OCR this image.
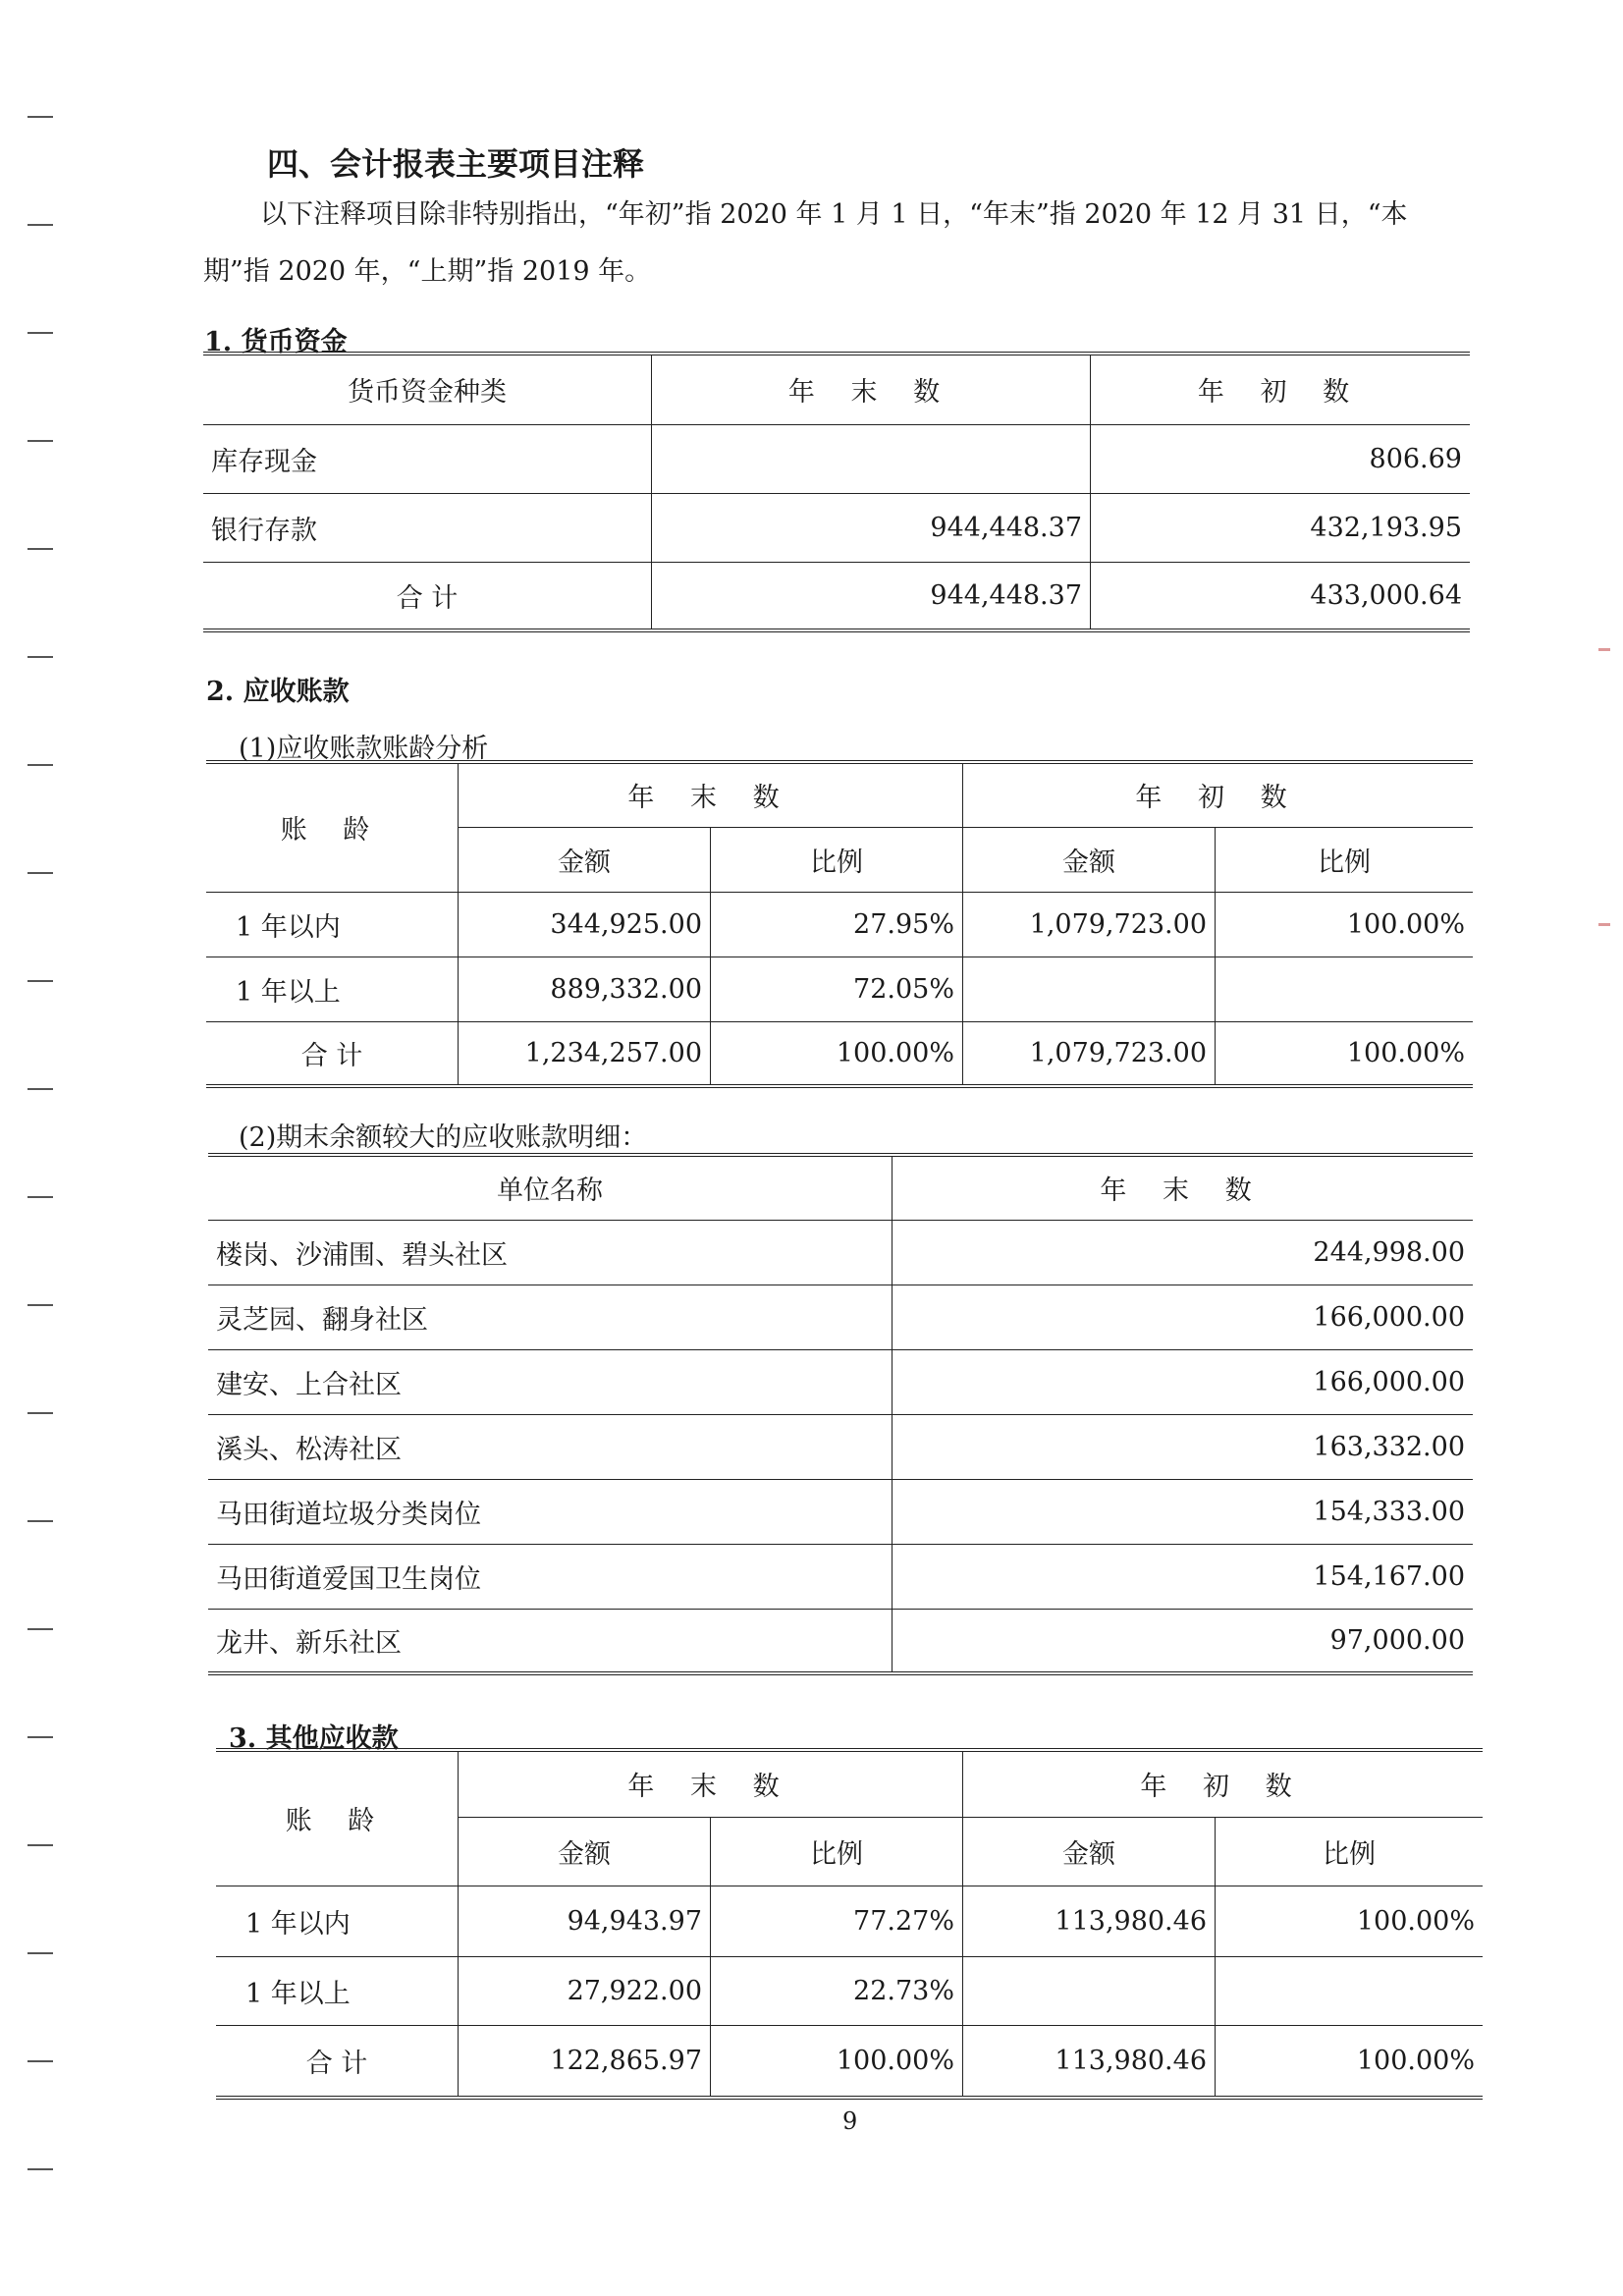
四、会计报表主要项目注释
以下注释项目除非特别指出，“年初”指 2020 年 1 月 1 日，“年末”指 2020 年 12 月 31 日，“本
期”指 2020 年，“上期”指 2019 年。
1. 货币资金
货币资金种类	年 末 数	年 初 数
库存现金		806.69
银行存款	944,448.37	432,193.95
合 计	944,448.37	433,000.64
2. 应收账款
(1)应收账款账龄分析
账 龄	年 末 数		年 初 数	
	金额	比例	金额	比例
1 年以内	344,925.00	27.95%	1,079,723.00	100.00%
1 年以上	889,332.00	72.05%		
合 计	1,234,257.00	100.00%	1,079,723.00	100.00%
(2)期末余额较大的应收账款明细：
单位名称	年 末 数
楼岗、沙浦围、碧头社区	244,998.00
灵芝园、翻身社区	166,000.00
建安、上合社区	166,000.00
溪头、松涛社区	163,332.00
马田街道垃圾分类岗位	154,333.00
马田街道爱国卫生岗位	154,167.00
龙井、新乐社区	97,000.00
3. 其他应收款
账 龄	年 末 数		年 初 数	
	金额	比例	金额	比例
1 年以内	94,943.97	77.27%	113,980.46	100.00%
1 年以上	27,922.00	22.73%		
合 计	122,865.97	100.00%	113,980.46	100.00%
9
